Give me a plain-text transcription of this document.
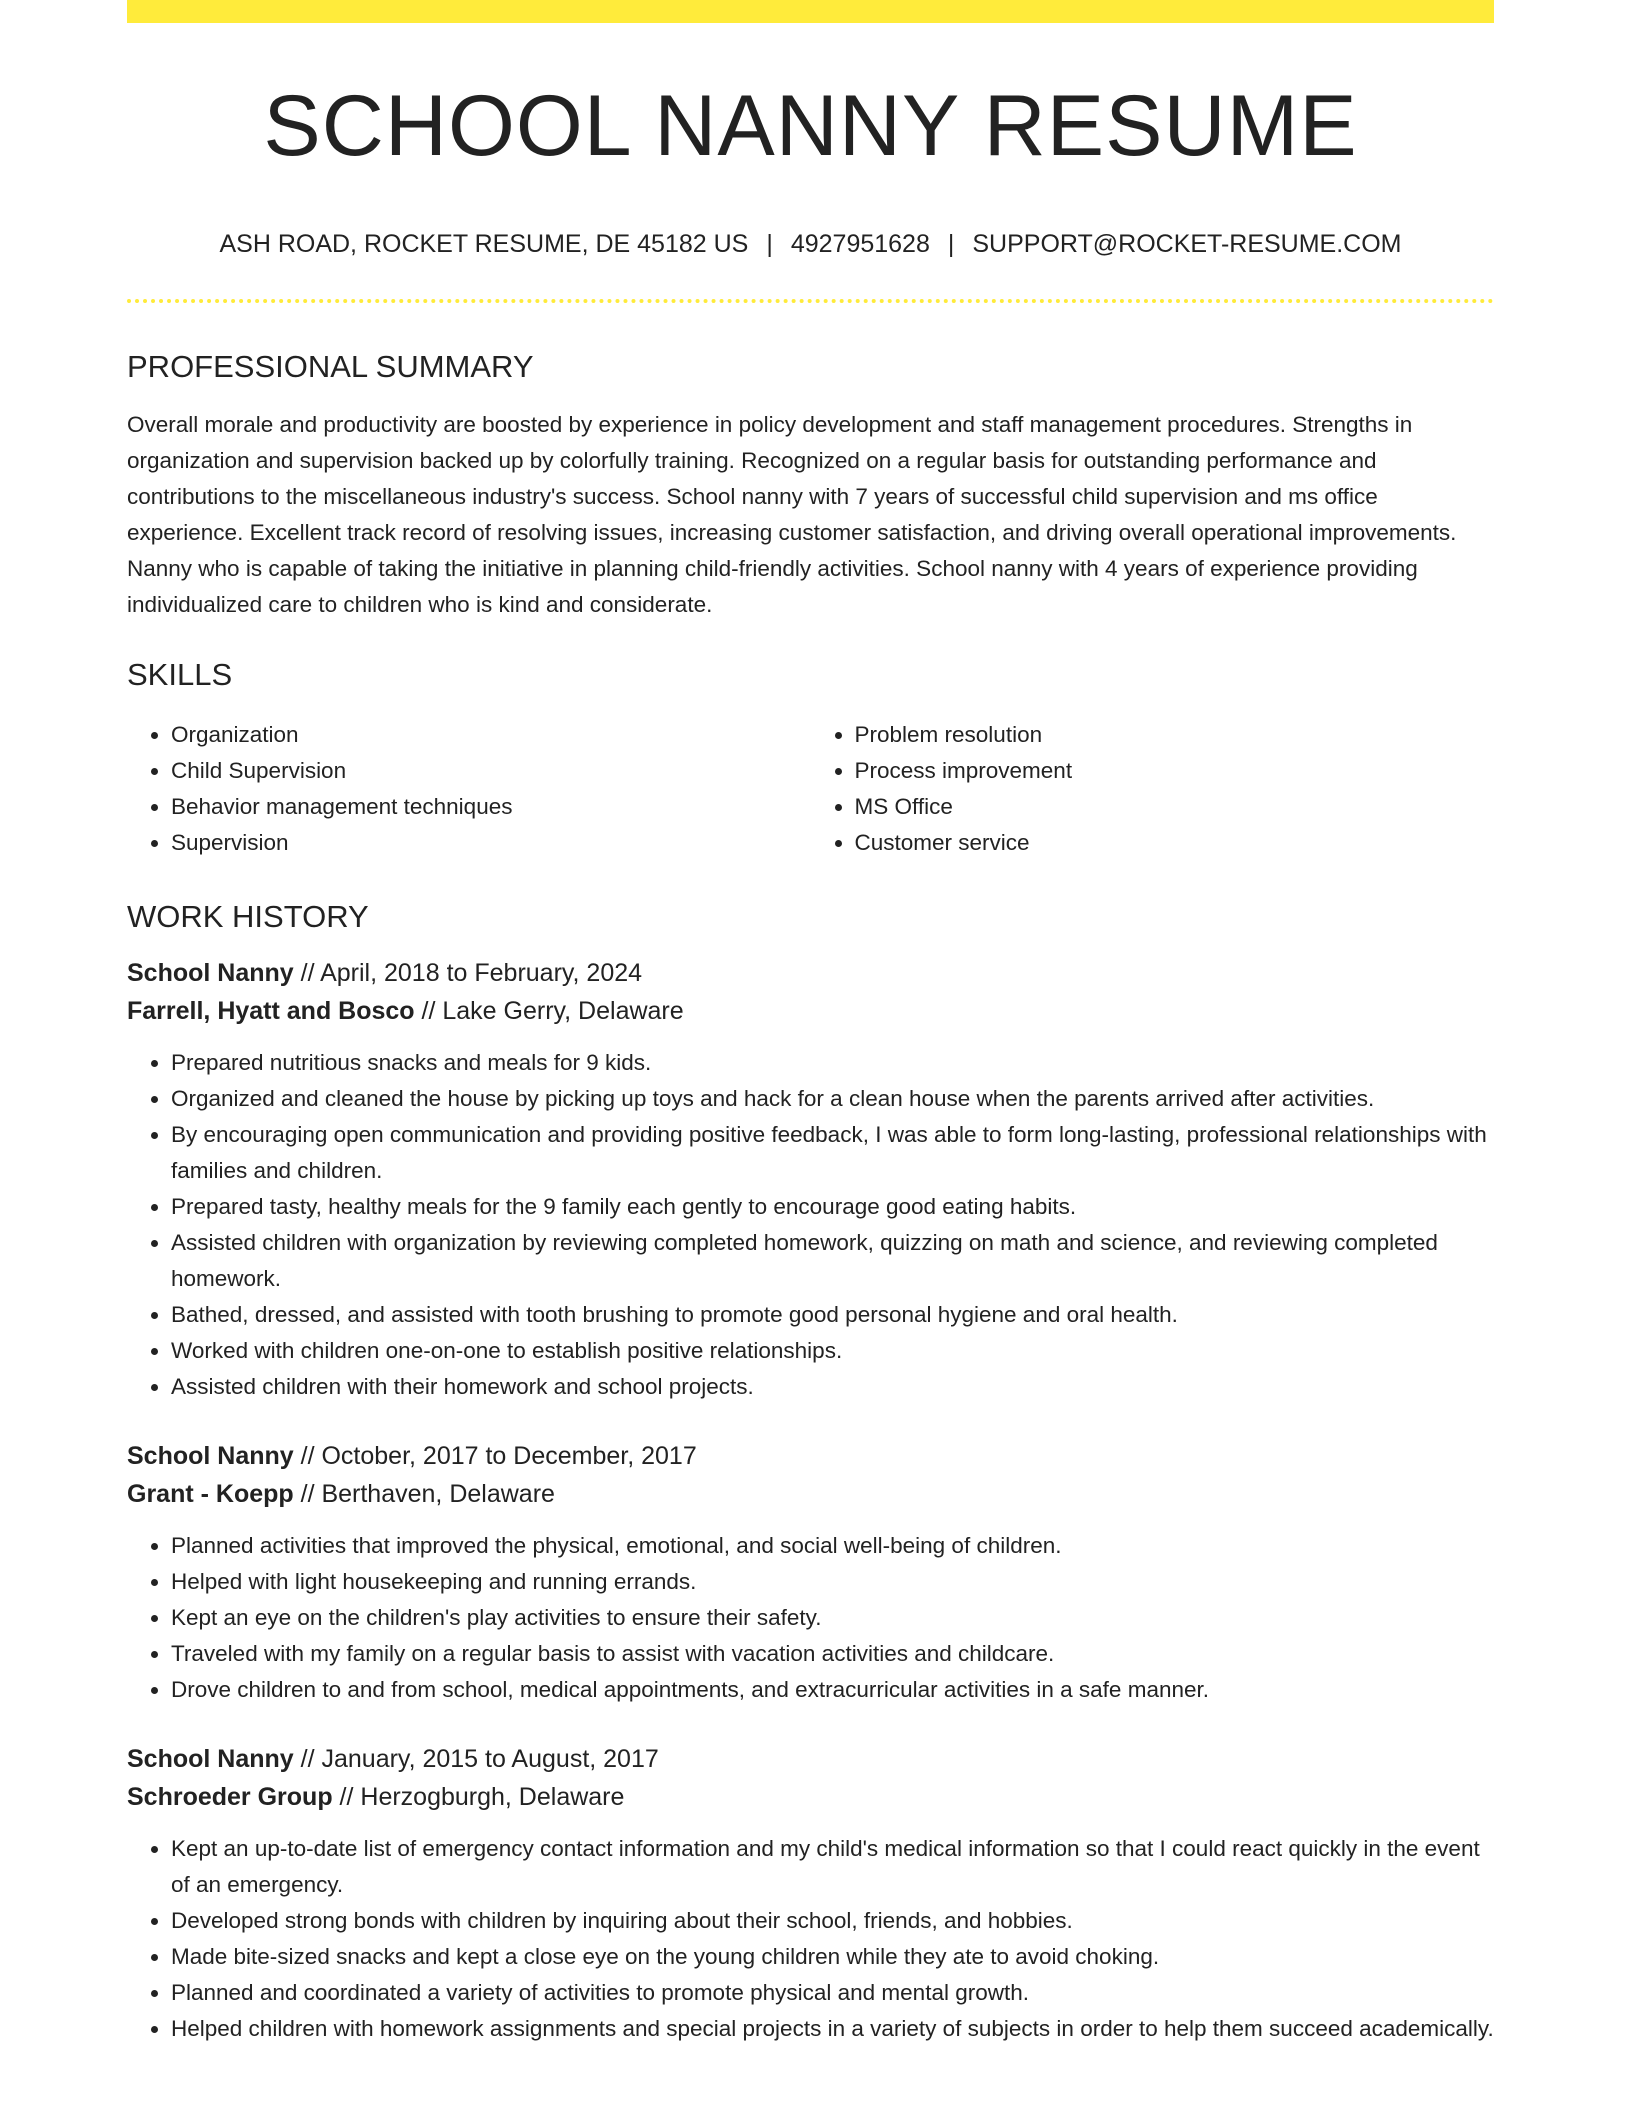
SCHOOL NANNY RESUME
ASH ROAD, ROCKET RESUME, DE 45182 US | 4927951628 | SUPPORT@ROCKET-RESUME.COM
PROFESSIONAL SUMMARY

Overall morale and productivity are boosted by experience in policy development and staff management procedures. Strengths in organization and supervision backed up by colorfully training. Recognized on a regular basis for outstanding performance and contributions to the miscellaneous industry's success. School nanny with 7 years of successful child supervision and ms office experience. Excellent track record of resolving issues, increasing customer satisfaction, and driving overall operational improvements. Nanny who is capable of taking the initiative in planning child-friendly activities. School nanny with 4 years of experience providing individualized care to children who is kind and considerate.

SKILLS
• Organization
• Child Supervision
• Behavior management techniques
• Supervision
• Problem resolution
• Process improvement
• MS Office
• Customer service
WORK HISTORY
School Nanny // April, 2018 to February, 2024
Farrell, Hyatt and Bosco // Lake Gerry, Delaware
• Prepared nutritious snacks and meals for 9 kids.
• Organized and cleaned the house by picking up toys and hack for a clean house when the parents arrived after activities.
• By encouraging open communication and providing positive feedback, I was able to form long-lasting, professional relationships with families and children.
• Prepared tasty, healthy meals for the 9 family each gently to encourage good eating habits.
• Assisted children with organization by reviewing completed homework, quizzing on math and science, and reviewing completed homework.
• Bathed, dressed, and assisted with tooth brushing to promote good personal hygiene and oral health.
• Worked with children one-on-one to establish positive relationships.
• Assisted children with their homework and school projects.
School Nanny // October, 2017 to December, 2017
Grant - Koepp // Berthaven, Delaware
• Planned activities that improved the physical, emotional, and social well-being of children.
• Helped with light housekeeping and running errands.
• Kept an eye on the children's play activities to ensure their safety.
• Traveled with my family on a regular basis to assist with vacation activities and childcare.
• Drove children to and from school, medical appointments, and extracurricular activities in a safe manner.
School Nanny // January, 2015 to August, 2017
Schroeder Group // Herzogburgh, Delaware
• Kept an up-to-date list of emergency contact information and my child's medical information so that I could react quickly in the event of an emergency.
• Developed strong bonds with children by inquiring about their school, friends, and hobbies.
• Made bite-sized snacks and kept a close eye on the young children while they ate to avoid choking.
• Planned and coordinated a variety of activities to promote physical and mental growth.
• Helped children with homework assignments and special projects in a variety of subjects in order to help them succeed academically.
